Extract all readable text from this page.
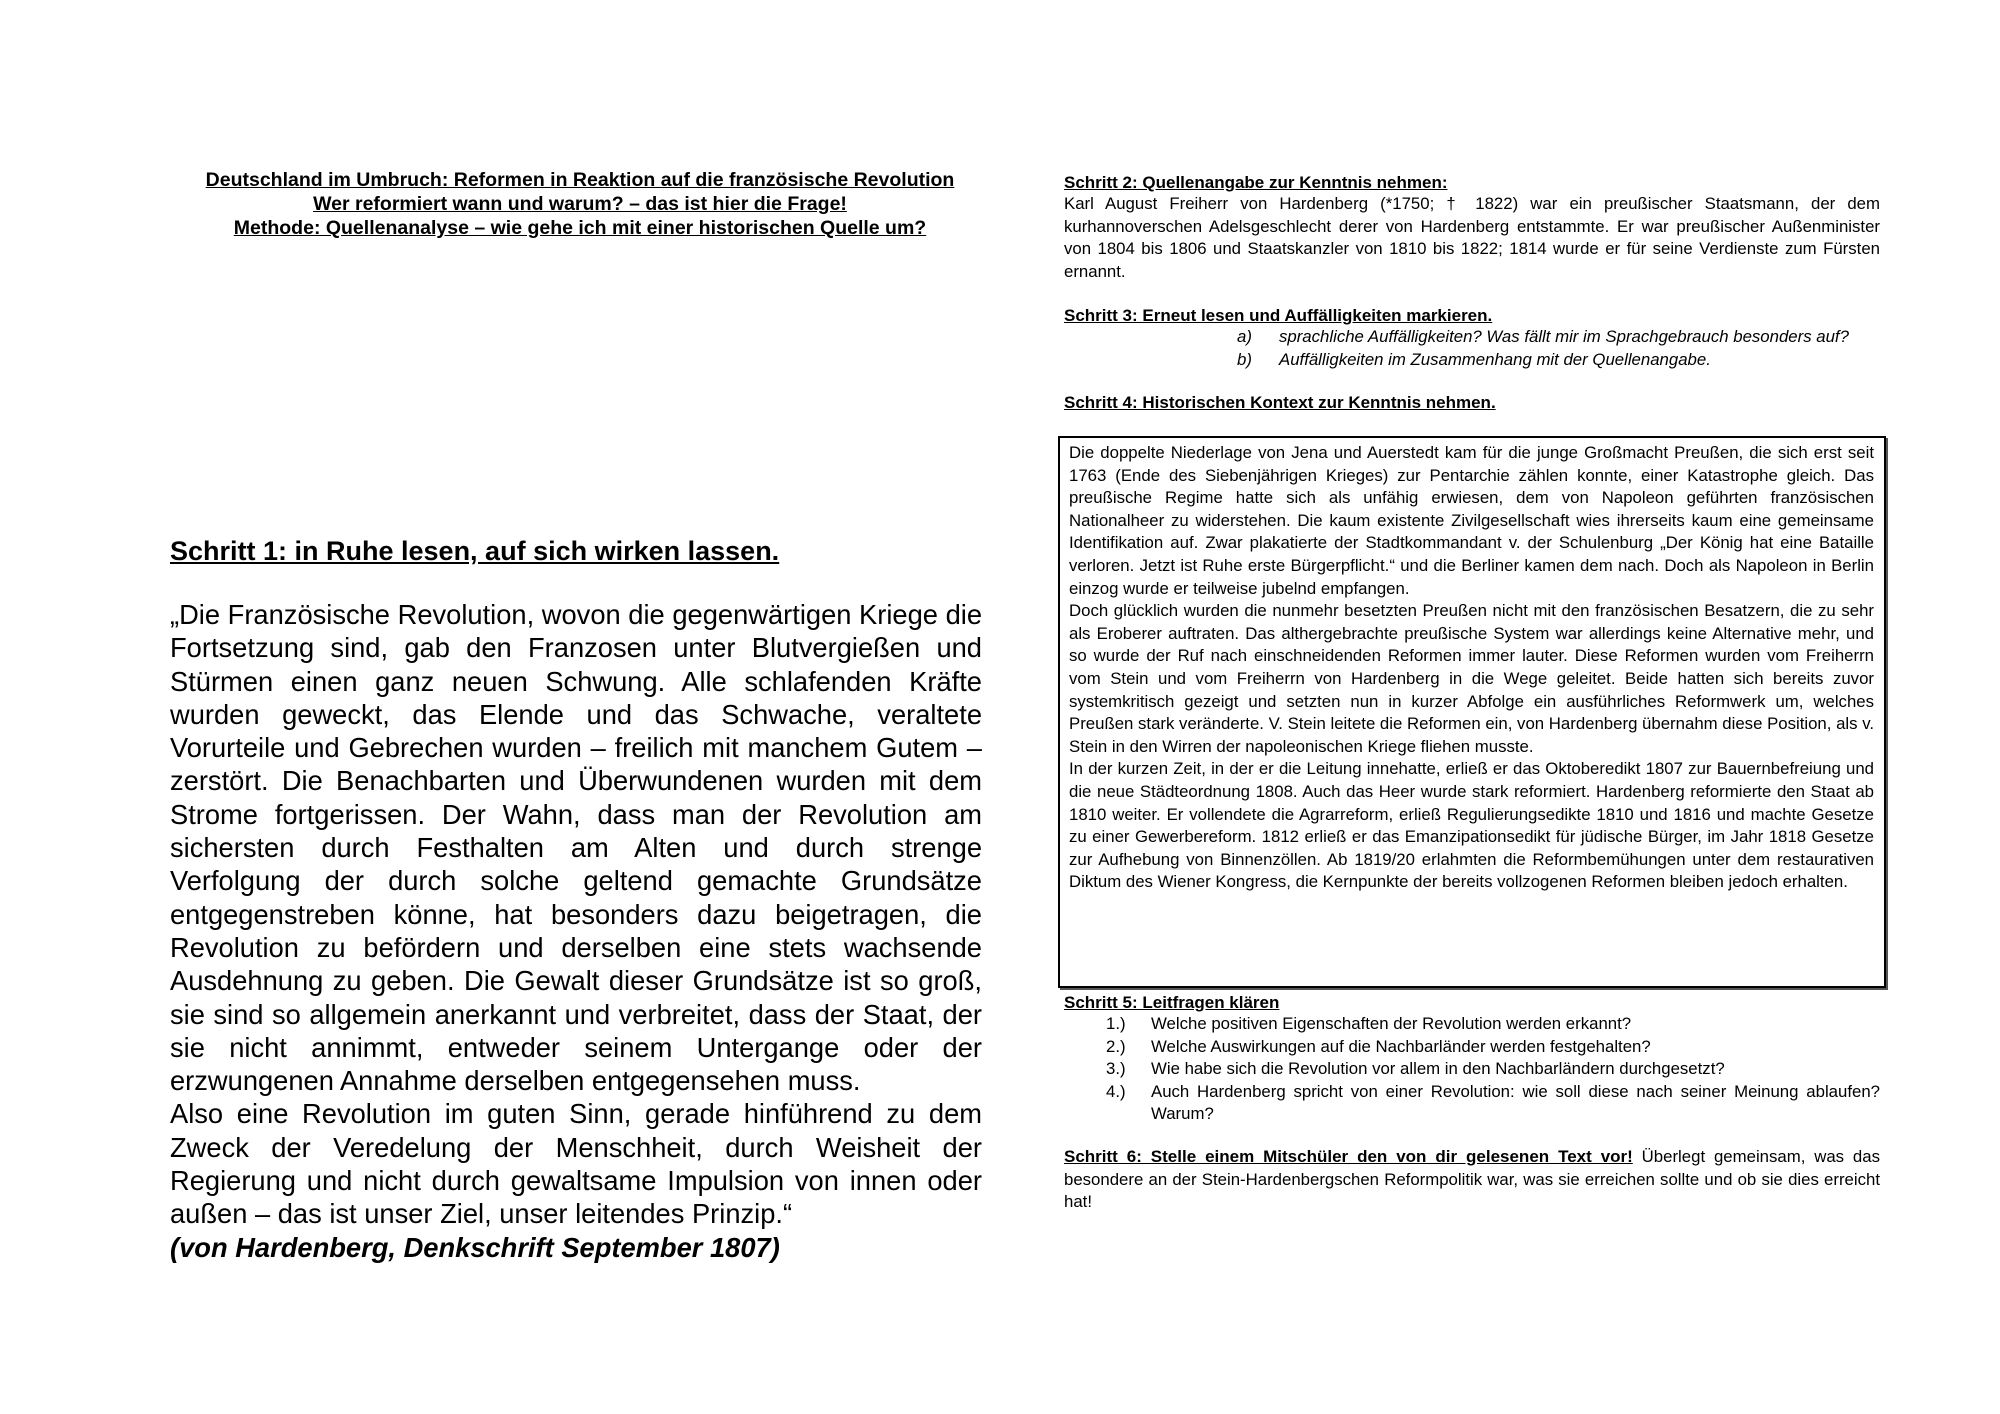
Deutschland im Umbruch: Reformen in Reaktion auf die französische Revolution
Wer reformiert wann und warum? – das ist hier die Frage!
Methode: Quellenanalyse – wie gehe ich mit einer historischen Quelle um?
Schritt 1: in Ruhe lesen, auf sich wirken lassen.

„Die Französische Revolution, wovon die gegenwärtigen Kriege die Fortsetzung sind, gab den Franzosen unter Blutvergießen und Stürmen einen ganz neuen Schwung. Alle schlafenden Kräfte wurden geweckt, das Elende und das Schwache, veraltete Vorurteile und Gebrechen wurden – freilich mit manchem Gutem – zerstört. Die Benachbarten und Überwundenen wurden mit dem Strome fortgerissen. Der Wahn, dass man der Revolution am sichersten durch Festhalten am Alten und durch strenge Verfolgung der durch solche geltend gemachte Grundsätze entgegenstreben könne, hat besonders dazu beigetragen, die Revolution zu befördern und derselben eine stets wachsende Ausdehnung zu geben. Die Gewalt dieser Grundsätze ist so groß, sie sind so allgemein anerkannt und verbreitet, dass der Staat, der sie nicht annimmt, entweder seinem Untergange oder der erzwungenen Annahme derselben entgegensehen muss.

Also eine Revolution im guten Sinn, gerade hinführend zu dem Zweck der Veredelung der Menschheit, durch Weisheit der Regierung und nicht durch gewaltsame Impulsion von innen oder außen – das ist unser Ziel, unser leitendes Prinzip.“

(von Hardenberg, Denkschrift September 1807)

Schritt 2: Quellenangabe zur Kenntnis nehmen:

Karl August Freiherr von Hardenberg (*1750; † 1822) war ein preußischer Staatsmann, der dem kurhannoverschen Adelsgeschlecht derer von Hardenberg entstammte. Er war preußischer Außenminister von 1804 bis 1806 und Staatskanzler von 1810 bis 1822; 1814 wurde er für seine Verdienste zum Fürsten ernannt.

Schritt 3: Erneut lesen und Auffälligkeiten markieren.
a)	sprachliche Auffälligkeiten? Was fällt mir im Sprachgebrauch besonders auf?
b)	Auffälligkeiten im Zusammenhang mit der Quellenangabe.
Schritt 4: Historischen Kontext zur Kenntnis nehmen.

Die doppelte Niederlage von Jena und Auerstedt kam für die junge Großmacht Preußen, die sich erst seit 1763 (Ende des Siebenjährigen Krieges) zur Pentarchie zählen konnte, einer Katastrophe gleich. Das preußische Regime hatte sich als unfähig erwiesen, dem von Napoleon geführten französischen Nationalheer zu widerstehen. Die kaum existente Zivilgesellschaft wies ihrerseits kaum eine gemeinsame Identifikation auf. Zwar plakatierte der Stadtkommandant v. der Schulenburg „Der König hat eine Bataille verloren. Jetzt ist Ruhe erste Bürgerpflicht.“ und die Berliner kamen dem nach. Doch als Napoleon in Berlin einzog wurde er teilweise jubelnd empfangen.

Doch glücklich wurden die nunmehr besetzten Preußen nicht mit den französischen Besatzern, die zu sehr als Eroberer auftraten. Das althergebrachte preußische System war allerdings keine Alternative mehr, und so wurde der Ruf nach einschneidenden Reformen immer lauter. Diese Reformen wurden vom Freiherrn vom Stein und vom Freiherrn von Hardenberg in die Wege geleitet. Beide hatten sich bereits zuvor systemkritisch gezeigt und setzten nun in kurzer Abfolge ein ausführliches Reformwerk um, welches Preußen stark veränderte. V. Stein leitete die Reformen ein, von Hardenberg übernahm diese Position, als v. Stein in den Wirren der napoleonischen Kriege fliehen musste.

In der kurzen Zeit, in der er die Leitung innehatte, erließ er das Oktoberedikt 1807 zur Bauernbefreiung und die neue Städteordnung 1808. Auch das Heer wurde stark reformiert. Hardenberg reformierte den Staat ab 1810 weiter. Er vollendete die Agrarreform, erließ Regulierungsedikte 1810 und 1816 und machte Gesetze zu einer Gewerbereform. 1812 erließ er das Emanzipationsedikt für jüdische Bürger, im Jahr 1818 Gesetze zur Aufhebung von Binnenzöllen. Ab 1819/20 erlahmten die Reformbemühungen unter dem restaurativen Diktum des Wiener Kongress, die Kernpunkte der bereits vollzogenen Reformen bleiben jedoch erhalten.

Schritt 5: Leitfragen klären
1.)	Welche positiven Eigenschaften der Revolution werden erkannt?
2.)	Welche Auswirkungen auf die Nachbarländer werden festgehalten?
3.)	Wie habe sich die Revolution vor allem in den Nachbarländern durchgesetzt?
4.)	Auch Hardenberg spricht von einer Revolution: wie soll diese nach seiner Meinung ablaufen? Warum?

Schritt 6: Stelle einem Mitschüler den von dir gelesenen Text vor! Überlegt gemeinsam, was das besondere an der Stein-Hardenbergschen Reformpolitik war, was sie erreichen sollte und ob sie dies erreicht hat!
